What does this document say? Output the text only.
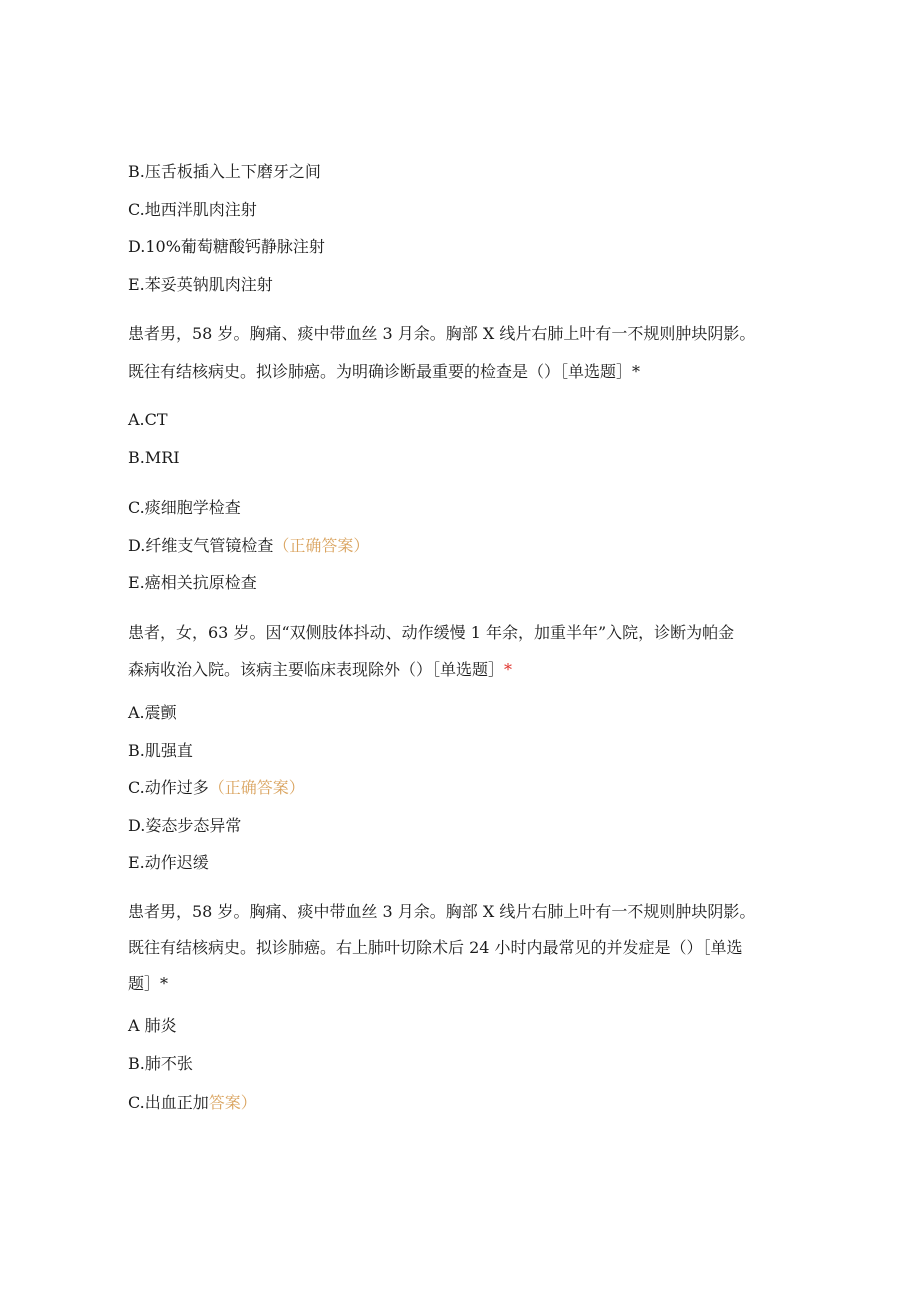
B.压舌板插入上下磨牙之间
C.地西泮肌肉注射
D.10%葡萄糖酸钙静脉注射
E.苯妥英钠肌肉注射
患者男，58 岁。胸痛、痰中带血丝 3 月余。胸部 X 线片右肺上叶有一不规则肿块阴影。
既往有结核病史。拟诊肺癌。为明确诊断最重要的检查是（）［单选题］*
A.CT
B.MRI
C.痰细胞学检查
D.纤维支气管镜检查（正确答案）
E.癌相关抗原检查
患者，女，63 岁。因“双侧肢体抖动、动作缓慢 1 年余，加重半年”入院，诊断为帕金
森病收治入院。该病主要临床表现除外（）［单选题］*
A.震颤
B.肌强直
C.动作过多（正确答案）
D.姿态步态异常
E.动作迟缓
患者男，58 岁。胸痛、痰中带血丝 3 月余。胸部 X 线片右肺上叶有一不规则肿块阴影。
既往有结核病史。拟诊肺癌。右上肺叶切除术后 24 小时内最常见的并发症是（）［单选
题］*
A 肺炎
B.肺不张
C.出血正加答案）
